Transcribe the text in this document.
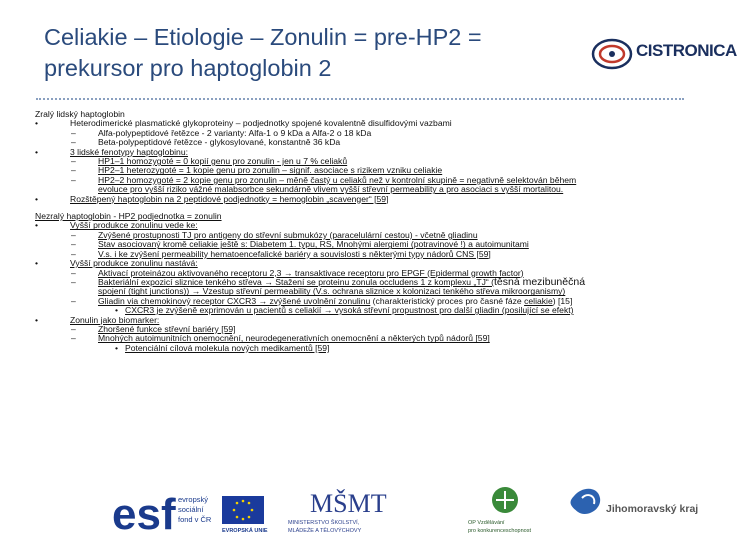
Celiakie – Etiologie – Zonulin = pre-HP2 = prekursor pro haptoglobin 2
CISTRONICA
Zralý lidský haptoglobin
•	Heterodimerické plasmatické glykoproteiny – podjednotky spojené kovalentně disulfidovými vazbami
–	Alfa-polypeptidové řetězce - 2 varianty: Alfa-1 o 9 kDa a Alfa-2 o 18 kDa
–	Beta-polypeptidové řetězce - glykosylované, konstantně 36 kDa
•	3 lidské fenotypy haptoglobinu:
–	HP1–1 homozygoté = 0 kopií genu pro zonulin - jen u 7 % celiaků
–	HP2–1 heterozygoté = 1 kopie genu pro zonulin – signif. asociace s rizikem vzniku celiakie
–	HP2–2 homozygoté = 2 kopie genu pro zonulin – měně častý u celiaků než v kontrolní skupině = negativně selektován během
evoluce pro vyšší riziko vážné malabsorbce sekundárně vlivem vyšší střevní permeability a pro asociaci s vyšší mortalitou.
•	Rozštěpený haptoglobin na 2 peptidové podjednotky = hemoglobin „scavenger“ [59]
Nezralý haptoglobin - HP2 podjednotka = zonulin
•	Vyšší produkce zonulinu vede ke:
–	Zvýšené prostupnosti TJ pro antigeny do střevní submukózy (paracelulární cestou) - včetně gliadinu
–	Stav asociovaný kromě celiakie ještě s: Diabetem 1. typu, RS, Mnohými alergiemi (potravinové !) a autoimunitami
–	V.s. i ke zvýšení permeability hematoencefalické bariéry a souvislosti s některými typy nádorů CNS [59]
•	Vyšší produkce zonulinu nastává:
–	Aktivací proteinázou aktivovaného receptoru 2,3 → transaktivace receptoru pro EPGF (Epidermal growth factor)
–	Bakteriální expozicí sliznice tenkého střeva → Stažení se proteinu zonula occludens 1 z komplexu „TJ“ (těsná mezibuněčná
spojení (tight junctions)) → Vzestup střevní permeability (V.s. ochrana sliznice x kolonizaci tenkého střeva mikroorganismy)
–	Gliadin via chemokinový receptor CXCR3 → zvýšené uvolnění zonulinu (charakteristický proces pro časné fáze celiakie) [15]
• CXCR3 je zvýšeně exprimován u pacientů s celiakií → vysoká střevní propustnost pro další gliadin (posilující se efekt)
•	Zonulin jako biomarker:
–	Zhoršené funkce střevní bariéry [59]
–	Mnohých autoimunitních onemocnění, neurodegenerativních onemocnění a některých typů nádorů [59]
• Potenciální cílová molekula nových medikamentů [59]
esf evropský
sociální
fond v ČR
EVROPSKÁ UNIE
MŠMT
MINISTERSTVO ŠKOLSTVÍ,
MLÁDEŽE A TĚLOVÝCHOVY
OP Vzdělávání
pro konkurenceschopnost
Jihomoravský kraj
